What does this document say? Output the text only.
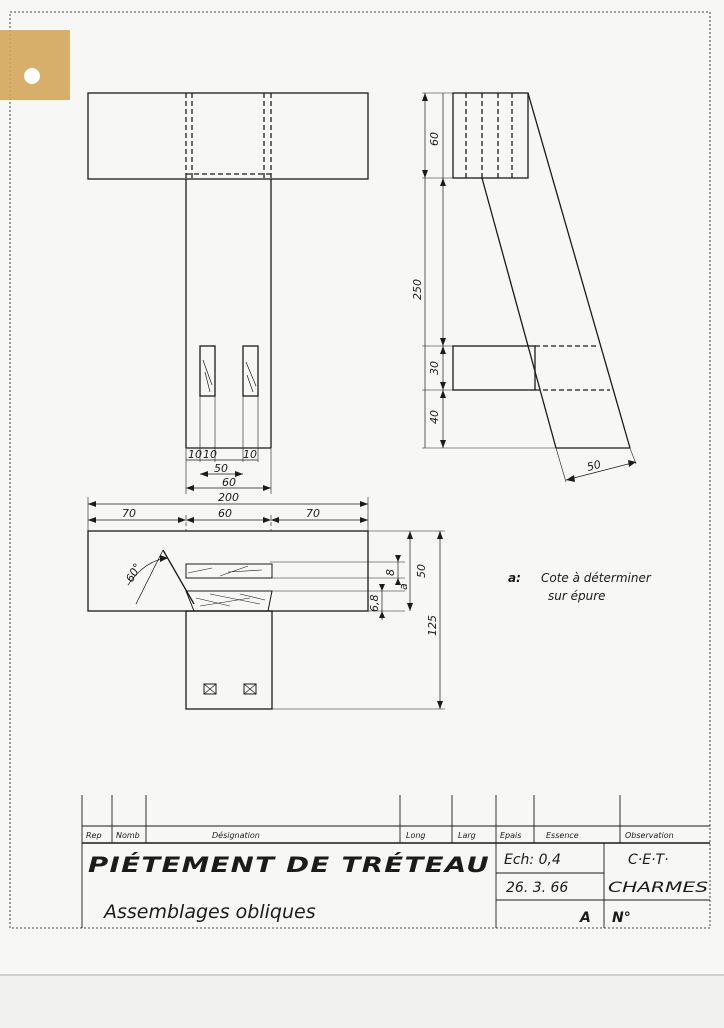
10 10 10
50
60
200
70	60	70
60
250
30
40
50
60°	8
a
50
6,8
125
a: Cote à déterminer
sur épure
Rep Nomb	Désignation	Long	Larg	Epais	Essence	Observation
PIÉTEMENT DE TRÉTEAU
Assemblages obliques
Ech: 0,4
26. 3. 66
C·E·T·
CHARMES
A N°
